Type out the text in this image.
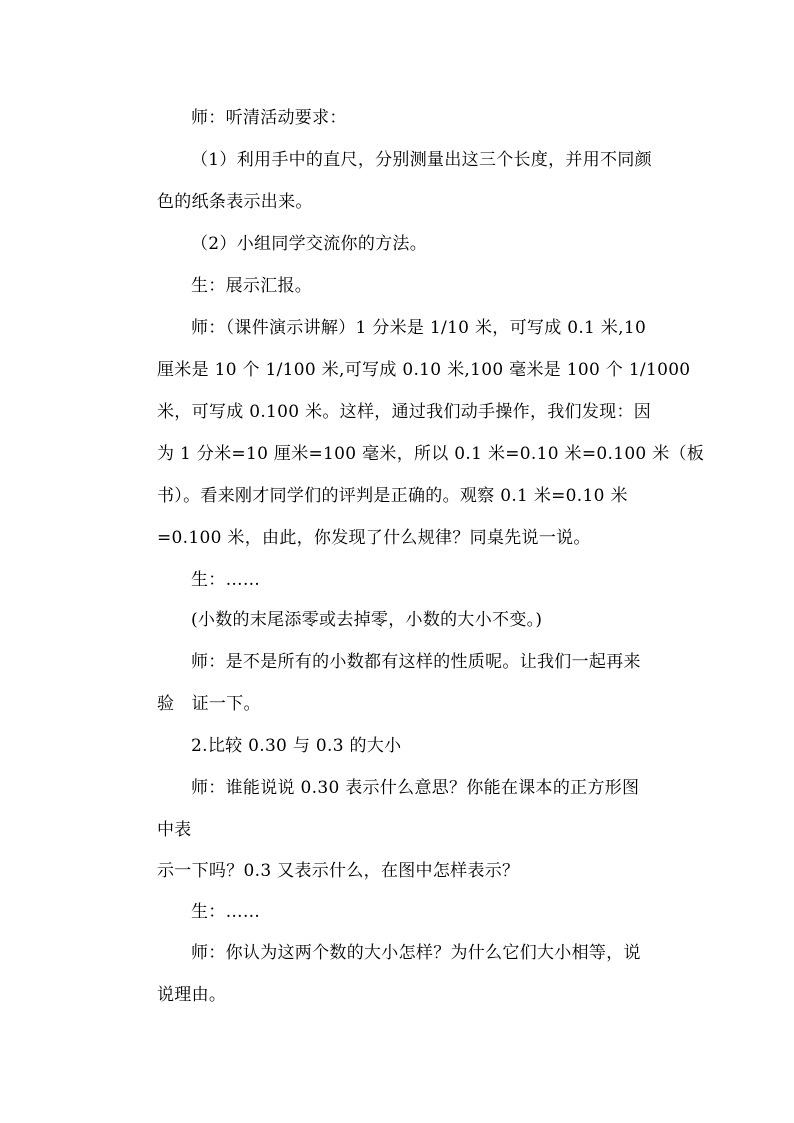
师：听清活动要求：
（1）利用手中的直尺，分别测量出这三个长度，并用不同颜
色的纸条表示出来。
（2）小组同学交流你的方法。
生：展示汇报。
师：（课件演示讲解）1 分米是 1/10 米，可写成 0.1 米,10
厘米是 10 个 1/100 米,可写成 0.10 米,100 毫米是 100 个 1/1000
米，可写成 0.100 米。这样，通过我们动手操作，我们发现：因
为 1 分米=10 厘米=100 毫米，所以 0.1 米=0.10 米=0.100 米（板
书）。看来刚才同学们的评判是正确的。观察 0.1 米=0.10 米
=0.100 米，由此，你发现了什么规律？同桌先说一说。
生：……
(小数的末尾添零或去掉零，小数的大小不变。)
师：是不是所有的小数都有这样的性质呢。让我们一起再来
验　证一下。
2.比较 0.30 与 0.3 的大小
师：谁能说说 0.30 表示什么意思？你能在课本的正方形图
中表
示一下吗？0.3 又表示什么，在图中怎样表示？
生：……
师：你认为这两个数的大小怎样？为什么它们大小相等，说
说理由。
